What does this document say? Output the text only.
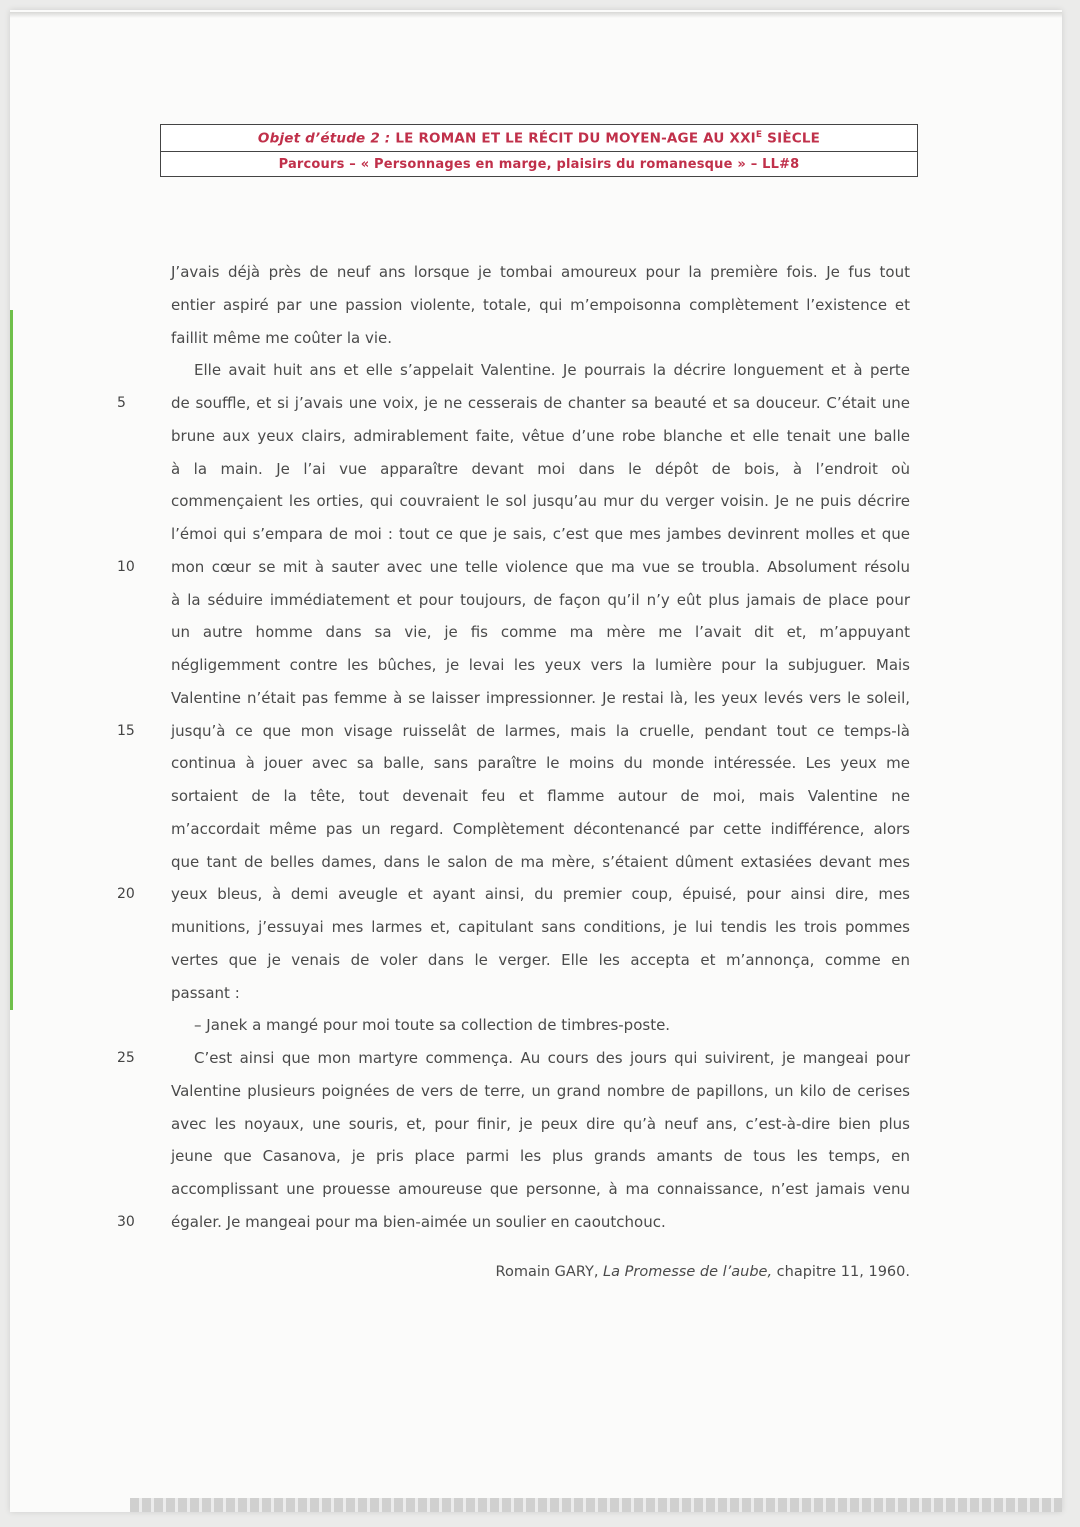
Objet d’étude 2 : LE ROMAN ET LE RÉCIT DU MOYEN-AGE AU $XXI^E$ SIÈCLE
Parcours – « Personnages en marge, plaisirs du romanesque » – LL#8
J’avais déjà près de neuf ans lorsque je tombai amoureux pour la première fois. Je fus tout
entier aspiré par une passion violente, totale, qui m’empoisonna complètement l’existence et
faillit même me coûter la vie.
Elle avait huit ans et elle s’appelait Valentine. Je pourrais la décrire longuement et à perte
de souffle, et si j’avais une voix, je ne cesserais de chanter sa beauté et sa douceur. C’était une
brune aux yeux clairs, admirablement faite, vêtue d’une robe blanche et elle tenait une balle
à la main. Je l’ai vue apparaître devant moi dans le dépôt de bois, à l’endroit où
commençaient les orties, qui couvraient le sol jusqu’au mur du verger voisin. Je ne puis décrire
l’émoi qui s’empara de moi : tout ce que je sais, c’est que mes jambes devinrent molles et que
mon cœur se mit à sauter avec une telle violence que ma vue se troubla. Absolument résolu
à la séduire immédiatement et pour toujours, de façon qu’il n’y eût plus jamais de place pour
un autre homme dans sa vie, je fis comme ma mère me l’avait dit et, m’appuyant
négligemment contre les bûches, je levai les yeux vers la lumière pour la subjuguer. Mais
Valentine n’était pas femme à se laisser impressionner. Je restai là, les yeux levés vers le soleil,
jusqu’à ce que mon visage ruisselât de larmes, mais la cruelle, pendant tout ce temps-là
continua à jouer avec sa balle, sans paraître le moins du monde intéressée. Les yeux me
sortaient de la tête, tout devenait feu et flamme autour de moi, mais Valentine ne
m’accordait même pas un regard. Complètement décontenancé par cette indifférence, alors
que tant de belles dames, dans le salon de ma mère, s’étaient dûment extasiées devant mes
yeux bleus, à demi aveugle et ayant ainsi, du premier coup, épuisé, pour ainsi dire, mes
munitions, j’essuyai mes larmes et, capitulant sans conditions, je lui tendis les trois pommes
vertes que je venais de voler dans le verger. Elle les accepta et m’annonça, comme en
passant :
– Janek a mangé pour moi toute sa collection de timbres-poste.
C’est ainsi que mon martyre commença. Au cours des jours qui suivirent, je mangeai pour
Valentine plusieurs poignées de vers de terre, un grand nombre de papillons, un kilo de cerises
avec les noyaux, une souris, et, pour finir, je peux dire qu’à neuf ans, c’est-à-dire bien plus
jeune que Casanova, je pris place parmi les plus grands amants de tous les temps, en
accomplissant une prouesse amoureuse que personne, à ma connaissance, n’est jamais venu
égaler. Je mangeai pour ma bien-aimée un soulier en caoutchouc.
5
10
15
20
25
30
Romain GARY, La Promesse de l’aube, chapitre 11, 1960.
